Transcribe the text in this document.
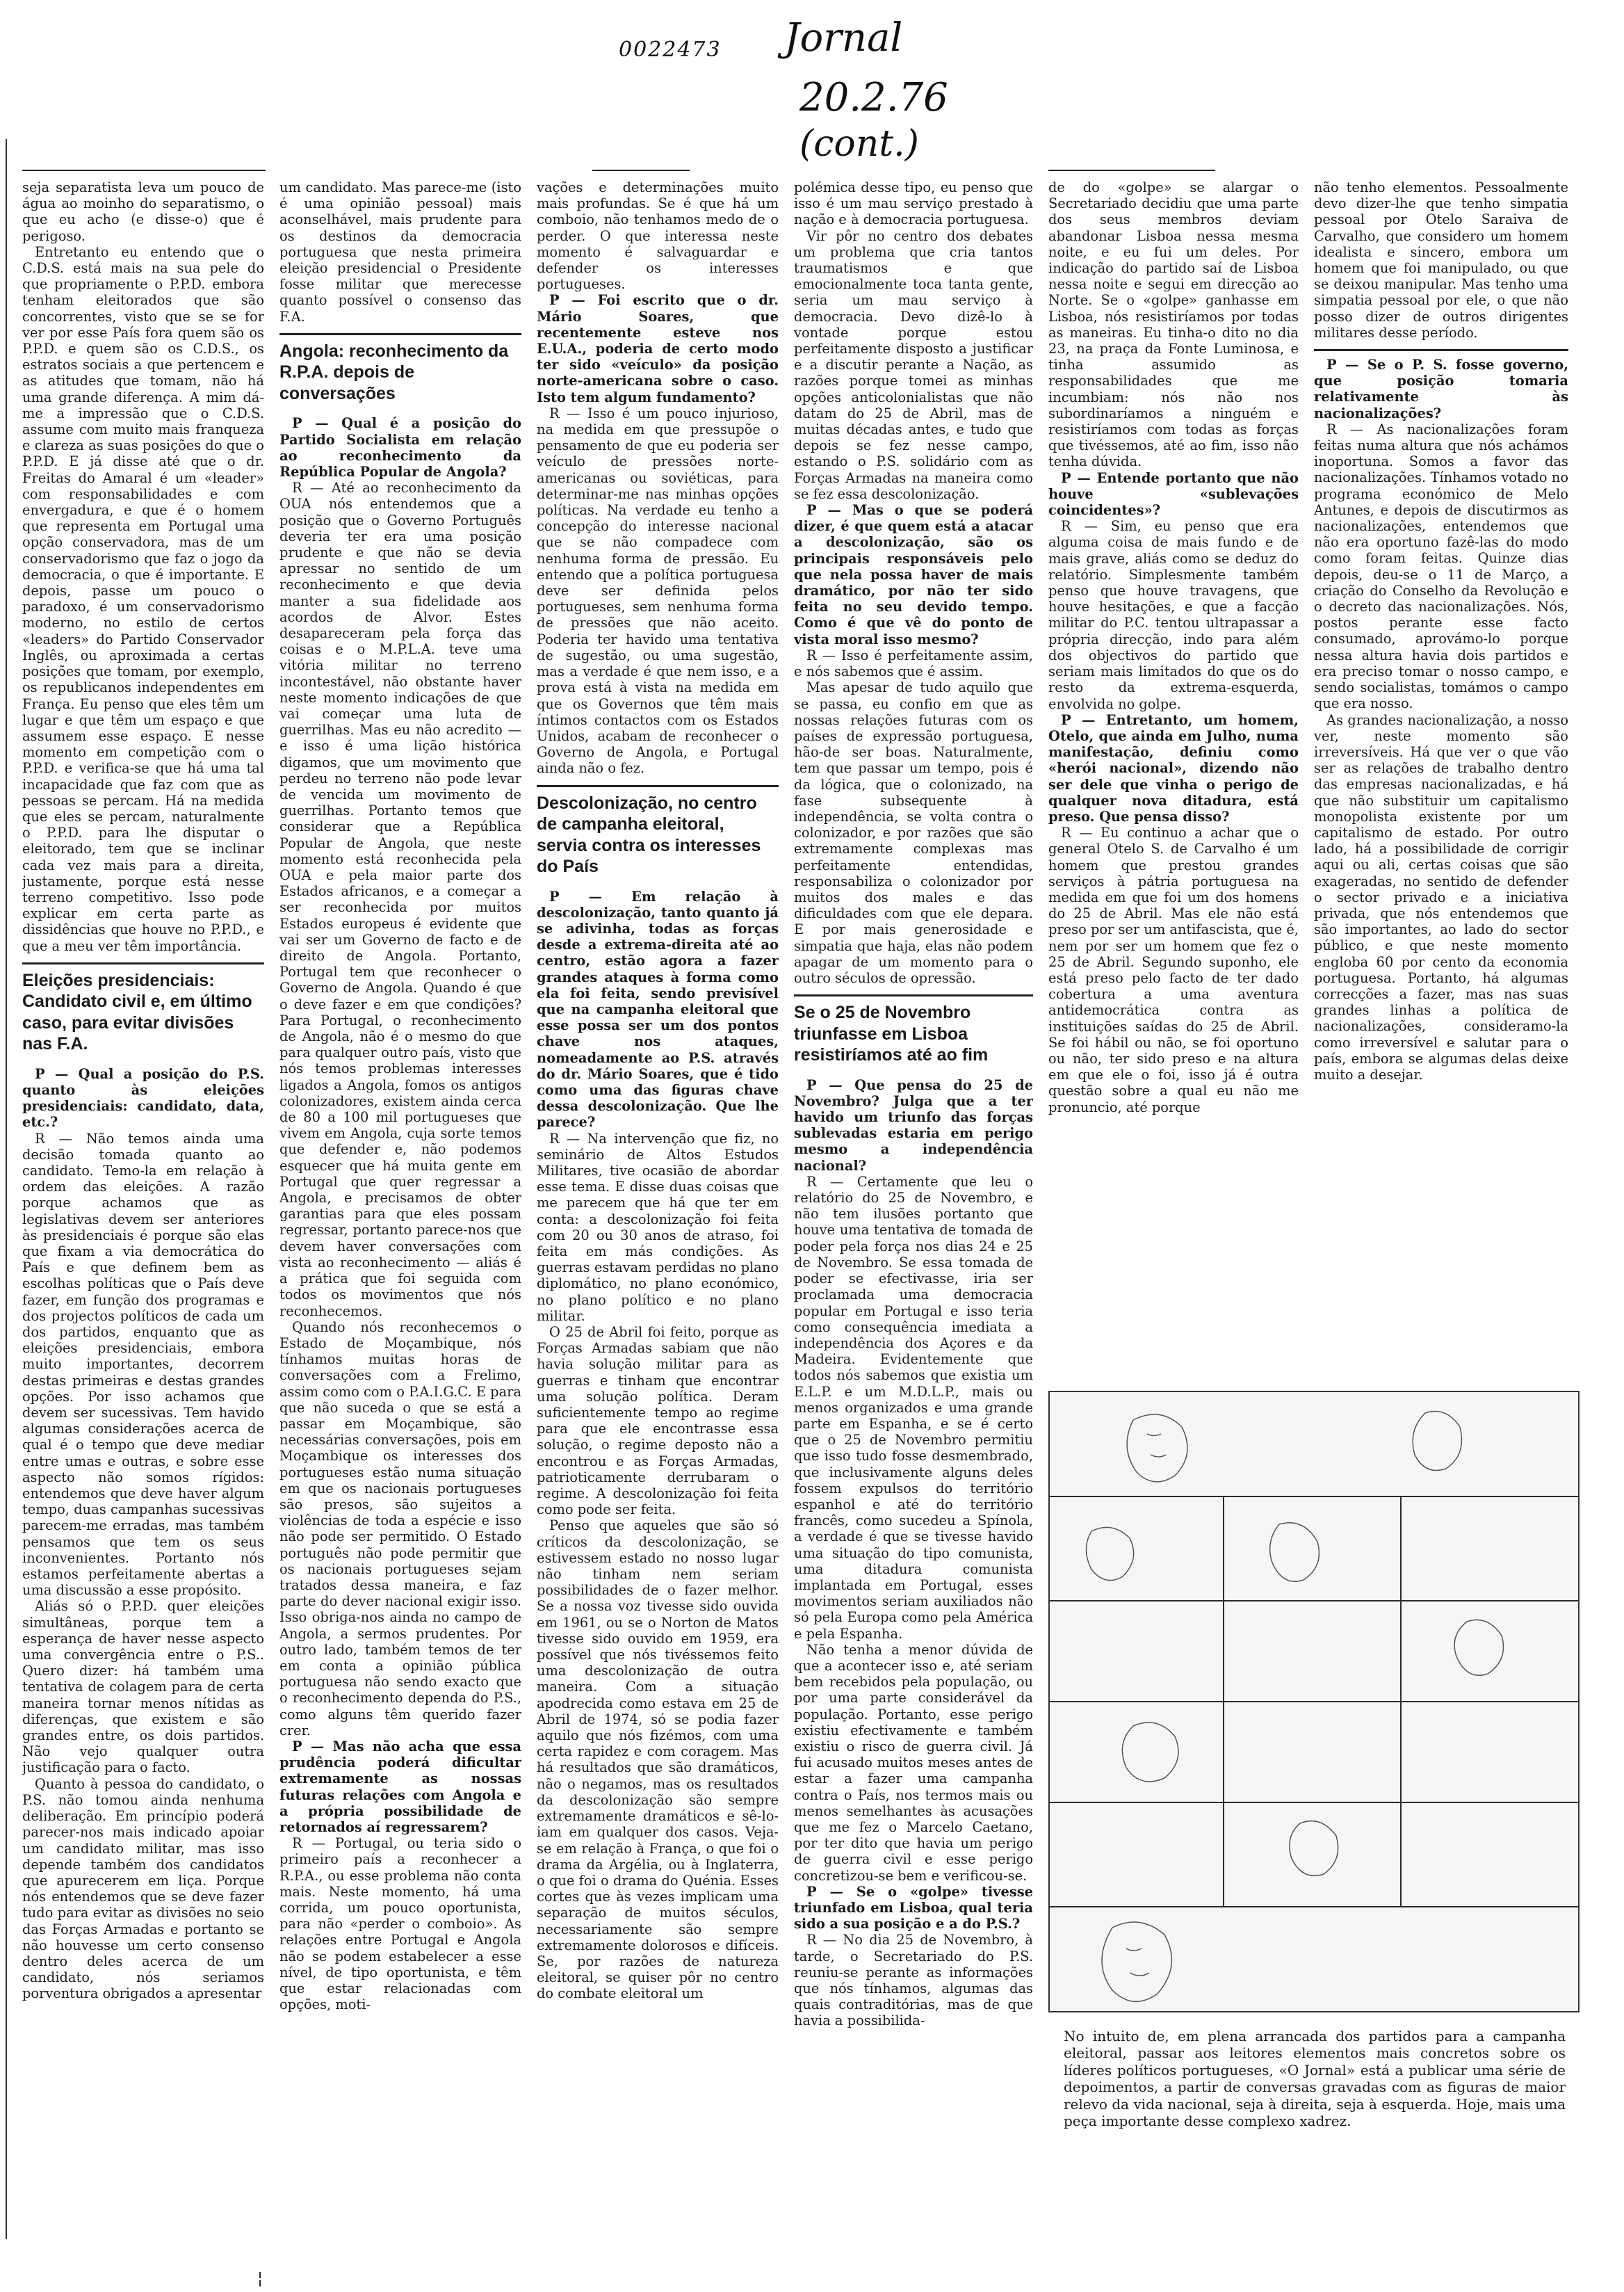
0022473 Jornal
20.2.76
(cont.)

seja separatista leva um pouco de água ao moinho do separatismo, o que eu acho (e disse-o) que é perigoso.

Entretanto eu entendo que o C.D.S. está mais na sua pele do que propriamente o P.P.D. embora tenham eleitorados que são concorrentes, visto que se se for ver por esse País fora quem são os P.P.D. e quem são os C.D.S., os estratos sociais a que pertencem e as atitudes que tomam, não há uma grande diferença. A mim dá-me a impressão que o C.D.S. assume com muito mais franqueza e clareza as suas posições do que o P.P.D. E já disse até que o dr. Freitas do Amaral é um «leader» com responsabilidades e com envergadura, e que é o homem que representa em Portugal uma opção conservadora, mas de um conservadorismo que faz o jogo da democracia, o que é importante. E depois, passe um pouco o paradoxo, é um conservadorismo moderno, no estilo de certos «leaders» do Partido Conservador Inglês, ou aproximada a certas posições que tomam, por exemplo, os republicanos independentes em França. Eu penso que eles têm um lugar e que têm um espaço e que assumem esse espaço. E nesse momento em competição com o P.P.D. e verifica-se que há uma tal incapacidade que faz com que as pessoas se percam. Há na medida que eles se percam, naturalmente o P.P.D. para lhe disputar o eleitorado, tem que se inclinar cada vez mais para a direita, justamente, porque está nesse terreno competitivo. Isso pode explicar em certa parte as dissidências que houve no P.P.D., e que a meu ver têm importância.

Eleições presidenciais: Candidato civil e, em último caso, para evitar divisões nas F.A.

P — Qual a posição do P.S. quanto às eleições presidenciais: candidato, data, etc.?

R — Não temos ainda uma decisão tomada quanto ao candidato. Temo-la em relação à ordem das eleições. A razão porque achamos que as legislativas devem ser anteriores às presidenciais é porque são elas que fixam a via democrática do País e que definem bem as escolhas políticas que o País deve fazer, em função dos programas e dos projectos políticos de cada um dos partidos, enquanto que as eleições presidenciais, embora muito importantes, decorrem destas primeiras e destas grandes opções. Por isso achamos que devem ser sucessivas. Tem havido algumas considerações acerca de qual é o tempo que deve mediar entre umas e outras, e sobre esse aspecto não somos rígidos: entendemos que deve haver algum tempo, duas campanhas sucessivas parecem-me erradas, mas também pensamos que tem os seus inconvenientes. Portanto nós estamos perfeitamente abertas a uma discussão a esse propósito.

Aliás só o P.P.D. quer eleições simultâneas, porque tem a esperança de haver nesse aspecto uma convergência entre o P.S.. Quero dizer: há também uma tentativa de colagem para de certa maneira tornar menos nítidas as diferenças, que existem e são grandes entre, os dois partidos. Não vejo qualquer outra justificação para o facto.

Quanto à pessoa do candidato, o P.S. não tomou ainda nenhuma deliberação. Em princípio poderá parecer-nos mais indicado apoiar um candidato militar, mas isso depende também dos candidatos que apurecerem em liça. Porque nós entendemos que se deve fazer tudo para evitar as divisões no seio das Forças Armadas e portanto se não houvesse um certo consenso dentro deles acerca de um candidato, nós seriamos porventura obrigados a apresentar

um candidato. Mas parece-me (isto é uma opinião pessoal) mais aconselhável, mais prudente para os destinos da democracia portuguesa que nesta primeira eleição presidencial o Presidente fosse militar que merecesse quanto possível o consenso das F.A.

Angola: reconhecimento da R.P.A. depois de conversações

P — Qual é a posição do Partido Socialista em relação ao reconhecimento da República Popular de Angola?

R — Até ao reconhecimento da OUA nós entendemos que a posição que o Governo Português deveria ter era uma posição prudente e que não se devia apressar no sentido de um reconhecimento e que devia manter a sua fidelidade aos acordos de Alvor. Estes desapareceram pela força das coisas e o M.P.L.A. teve uma vitória militar no terreno incontestável, não obstante haver neste momento indicações de que vai começar uma luta de guerrilhas. Mas eu não acredito — e isso é uma lição histórica digamos, que um movimento que perdeu no terreno não pode levar de vencida um movimento de guerrilhas. Portanto temos que considerar que a República Popular de Angola, que neste momento está reconhecida pela OUA e pela maior parte dos Estados africanos, e a começar a ser reconhecida por muitos Estados europeus é evidente que vai ser um Governo de facto e de direito de Angola. Portanto, Portugal tem que reconhecer o Governo de Angola. Quando é que o deve fazer e em que condições? Para Portugal, o reconhecimento de Angola, não é o mesmo do que para qualquer outro país, visto que nós temos problemas interesses ligados a Angola, fomos os antigos colonizadores, existem ainda cerca de 80 a 100 mil portugueses que vivem em Angola, cuja sorte temos que defender e, não podemos esquecer que há muita gente em Portugal que quer regressar a Angola, e precisamos de obter garantias para que eles possam regressar, portanto parece-nos que devem haver conversações com vista ao reconhecimento — aliás é a prática que foi seguida com todos os movimentos que nós reconhecemos.

Quando nós reconhecemos o Estado de Moçambique, nós tínhamos muitas horas de conversações com a Frelimo, assim como com o P.A.I.G.C. E para que não suceda o que se está a passar em Moçambique, são necessárias conversações, pois em Moçambique os interesses dos portugueses estão numa situação em que os nacionais portugueses são presos, são sujeitos a violências de toda a espécie e isso não pode ser permitido. O Estado português não pode permitir que os nacionais portugueses sejam tratados dessa maneira, e faz parte do dever nacional exigir isso. Isso obriga-nos ainda no campo de Angola, a sermos prudentes. Por outro lado, também temos de ter em conta a opinião pública portuguesa não sendo exacto que o reconhecimento dependa do P.S., como alguns têm querido fazer crer.

P — Mas não acha que essa prudência poderá dificultar extremamente as nossas futuras relações com Angola e a própria possibilidade de retornados aí regressarem?

R — Portugal, ou teria sido o primeiro país a reconhecer a R.P.A., ou esse problema não conta mais. Neste momento, há uma corrida, um pouco oportunista, para não «perder o comboio». As relações entre Portugal e Angola não se podem estabelecer a esse nível, de tipo oportunista, e têm que estar relacionadas com opções, moti-

vações e determinações muito mais profundas. Se é que há um comboio, não tenhamos medo de o perder. O que interessa neste momento é salvaguardar e defender os interesses portugueses.

P — Foi escrito que o dr. Mário Soares, que recentemente esteve nos E.U.A., poderia de certo modo ter sido «veículo» da posição norte-americana sobre o caso. Isto tem algum fundamento?

R — Isso é um pouco injurioso, na medida em que pressupõe o pensamento de que eu poderia ser veículo de pressões norte-americanas ou soviéticas, para determinar-me nas minhas opções políticas. Na verdade eu tenho a concepção do interesse nacional que se não compadece com nenhuma forma de pressão. Eu entendo que a política portuguesa deve ser definida pelos portugueses, sem nenhuma forma de pressões que não aceito. Poderia ter havido uma tentativa de sugestão, ou uma sugestão, mas a verdade é que nem isso, e a prova está à vista na medida em que os Governos que têm mais íntimos contactos com os Estados Unidos, acabam de reconhecer o Governo de Angola, e Portugal ainda não o fez.

Descolonização, no centro de campanha eleitoral, servia contra os interesses do País

P — Em relação à descolonização, tanto quanto já se adivinha, todas as forças desde a extrema-direita até ao centro, estão agora a fazer grandes ataques à forma como ela foi feita, sendo previsível que na campanha eleitoral que esse possa ser um dos pontos chave nos ataques, nomeadamente ao P.S. através do dr. Mário Soares, que é tido como uma das figuras chave dessa descolonização. Que lhe parece?

R — Na intervenção que fiz, no seminário de Altos Estudos Militares, tive ocasião de abordar esse tema. E disse duas coisas que me parecem que há que ter em conta: a descolonização foi feita com 20 ou 30 anos de atraso, foi feita em más condições. As guerras estavam perdidas no plano diplomático, no plano económico, no plano político e no plano militar.

O 25 de Abril foi feito, porque as Forças Armadas sabiam que não havia solução militar para as guerras e tinham que encontrar uma solução política. Deram suficientemente tempo ao regime para que ele encontrasse essa solução, o regime deposto não a encontrou e as Forças Armadas, patrioticamente derrubaram o regime. A descolonização foi feita como pode ser feita.

Penso que aqueles que são só críticos da descolonização, se estivessem estado no nosso lugar não tinham nem seriam possibilidades de o fazer melhor. Se a nossa voz tivesse sido ouvida em 1961, ou se o Norton de Matos tivesse sido ouvido em 1959, era possível que nós tivéssemos feito uma descolonização de outra maneira. Com a situação apodrecida como estava em 25 de Abril de 1974, só se podia fazer aquilo que nós fizémos, com uma certa rapidez e com coragem. Mas há resultados que são dramáticos, não o negamos, mas os resultados da descolonização são sempre extremamente dramáticos e sê-lo-iam em qualquer dos casos. Veja-se em relação à França, o que foi o drama da Argélia, ou à Inglaterra, o que foi o drama do Quénia. Esses cortes que às vezes implicam uma separação de muitos séculos, necessariamente são sempre extremamente dolorosos e difíceis. Se, por razões de natureza eleitoral, se quiser pôr no centro do combate eleitoral um

polémica desse tipo, eu penso que isso é um mau serviço prestado à nação e à democracia portuguesa.

Vir pôr no centro dos debates um problema que cria tantos traumatismos e que emocionalmente toca tanta gente, seria um mau serviço à democracia. Devo dizê-lo à vontade porque estou perfeitamente disposto a justificar e a discutir perante a Nação, as razões porque tomei as minhas opções anticolonialistas que não datam do 25 de Abril, mas de muitas décadas antes, e tudo que depois se fez nesse campo, estando o P.S. solidário com as Forças Armadas na maneira como se fez essa descolonização.

P — Mas o que se poderá dizer, é que quem está a atacar a descolonização, são os principais responsáveis pelo que nela possa haver de mais dramático, por não ter sido feita no seu devido tempo. Como é que vê do ponto de vista moral isso mesmo?

R — Isso é perfeitamente assim, e nós sabemos que é assim.

Mas apesar de tudo aquilo que se passa, eu confio em que as nossas relações futuras com os países de expressão portuguesa, hão-de ser boas. Naturalmente, tem que passar um tempo, pois é da lógica, que o colonizado, na fase subsequente à independência, se volta contra o colonizador, e por razões que são extremamente complexas mas perfeitamente entendidas, responsabiliza o colonizador por muitos dos males e das dificuldades com que ele depara. E por mais generosidade e simpatia que haja, elas não podem apagar de um momento para o outro séculos de opressão.

Se o 25 de Novembro triunfasse em Lisboa resistiríamos até ao fim

P — Que pensa do 25 de Novembro? Julga que a ter havido um triunfo das forças sublevadas estaria em perigo mesmo a independência nacional?

R — Certamente que leu o relatório do 25 de Novembro, e não tem ilusões portanto que houve uma tentativa de tomada de poder pela força nos dias 24 e 25 de Novembro. Se essa tomada de poder se efectivasse, iria ser proclamada uma democracia popular em Portugal e isso teria como consequência imediata a independência dos Açores e da Madeira. Evidentemente que todos nós sabemos que existia um E.L.P. e um M.D.L.P., mais ou menos organizados e uma grande parte em Espanha, e se é certo que o 25 de Novembro permitiu que isso tudo fosse desmembrado, que inclusivamente alguns deles fossem expulsos do território espanhol e até do território francês, como sucedeu a Spínola, a verdade é que se tivesse havido uma situação do tipo comunista, uma ditadura comunista implantada em Portugal, esses movimentos seriam auxiliados não só pela Europa como pela América e pela Espanha.

Não tenha a menor dúvida de que a acontecer isso e, até seriam bem recebidos pela população, ou por uma parte considerável da população. Portanto, esse perigo existiu efectivamente e também existiu o risco de guerra civil. Já fui acusado muitos meses antes de estar a fazer uma campanha contra o País, nos termos mais ou menos semelhantes às acusações que me fez o Marcelo Caetano, por ter dito que havia um perigo de guerra civil e esse perigo concretizou-se bem e verificou-se.

P — Se o «golpe» tivesse triunfado em Lisboa, qual teria sido a sua posição e a do P.S.?

R — No dia 25 de Novembro, à tarde, o Secretariado do P.S. reuniu-se perante as informações que nós tínhamos, algumas das quais contraditórias, mas de que havia a possibilida-

de do «golpe» se alargar o Secretariado decidiu que uma parte dos seus membros deviam abandonar Lisboa nessa mesma noite, e eu fui um deles. Por indicação do partido saí de Lisboa nessa noite e segui em direcção ao Norte. Se o «golpe» ganhasse em Lisboa, nós resistiríamos por todas as maneiras. Eu tinha-o dito no dia 23, na praça da Fonte Luminosa, e tinha assumido as responsabilidades que me incumbiam: nós não nos subordinaríamos a ninguém e resistiríamos com todas as forças que tivéssemos, até ao fim, isso não tenha dúvida.

P — Entende portanto que não houve «sublevações coincidentes»?

R — Sim, eu penso que era alguma coisa de mais fundo e de mais grave, aliás como se deduz do relatório. Simplesmente também penso que houve travagens, que houve hesitações, e que a facção militar do P.C. tentou ultrapassar a própria direcção, indo para além dos objectivos do partido que seriam mais limitados do que os do resto da extrema-esquerda, envolvida no golpe.

P — Entretanto, um homem, Otelo, que ainda em Julho, numa manifestação, definiu como «herói nacional», dizendo não ser dele que vinha o perigo de qualquer nova ditadura, está preso. Que pensa disso?

R — Eu continuo a achar que o general Otelo S. de Carvalho é um homem que prestou grandes serviços à pátria portuguesa na medida em que foi um dos homens do 25 de Abril. Mas ele não está preso por ser um antifascista, que é, nem por ser um homem que fez o 25 de Abril. Segundo suponho, ele está preso pelo facto de ter dado cobertura a uma aventura antidemocrática contra as instituições saídas do 25 de Abril. Se foi hábil ou não, se foi oportuno ou não, ter sido preso e na altura em que ele o foi, isso já é outra questão sobre a qual eu não me pronuncio, até porque

não tenho elementos. Pessoalmente devo dizer-lhe que tenho simpatia pessoal por Otelo Saraiva de Carvalho, que considero um homem idealista e sincero, embora um homem que foi manipulado, ou que se deixou manipular. Mas tenho uma simpatia pessoal por ele, o que não posso dizer de outros dirigentes militares desse período.

P — Se o P. S. fosse governo, que posição tomaria relativamente às nacionalizações?

R — As nacionalizações foram feitas numa altura que nós achámos inoportuna. Somos a favor das nacionalizações. Tínhamos votado no programa económico de Melo Antunes, e depois de discutirmos as nacionalizações, entendemos que não era oportuno fazê-las do modo como foram feitas. Quinze dias depois, deu-se o 11 de Março, a criação do Conselho da Revolução e o decreto das nacionalizações. Nós, postos perante esse facto consumado, aprovámo-lo porque nessa altura havia dois partidos e era preciso tomar o nosso campo, e sendo socialistas, tomámos o campo que era nosso.

As grandes nacionalização, a nosso ver, neste momento são irreversíveis. Há que ver o que vão ser as relações de trabalho dentro das empresas nacionalizadas, e há que não substituir um capitalismo monopolista existente por um capitalismo de estado. Por outro lado, há a possibilidade de corrigir aqui ou ali, certas coisas que são exageradas, no sentido de defender o sector privado e a iniciativa privada, que nós entendemos que são importantes, ao lado do sector público, e que neste momento engloba 60 por cento da economia portuguesa. Portanto, há algumas correcções a fazer, mas nas suas grandes linhas a política de nacionalizações, consideramo-la como irreversível e salutar para o país, embora se algumas delas deixe muito a desejar.

No intuito de, em plena arrancada dos partidos para a campanha eleitoral, passar aos leitores elementos mais concretos sobre os líderes políticos portugueses, «O Jornal» está a publicar uma série de depoimentos, a partir de conversas gravadas com as figuras de maior relevo da vida nacional, seja à direita, seja à esquerda. Hoje, mais uma peça importante desse complexo xadrez.
¦
